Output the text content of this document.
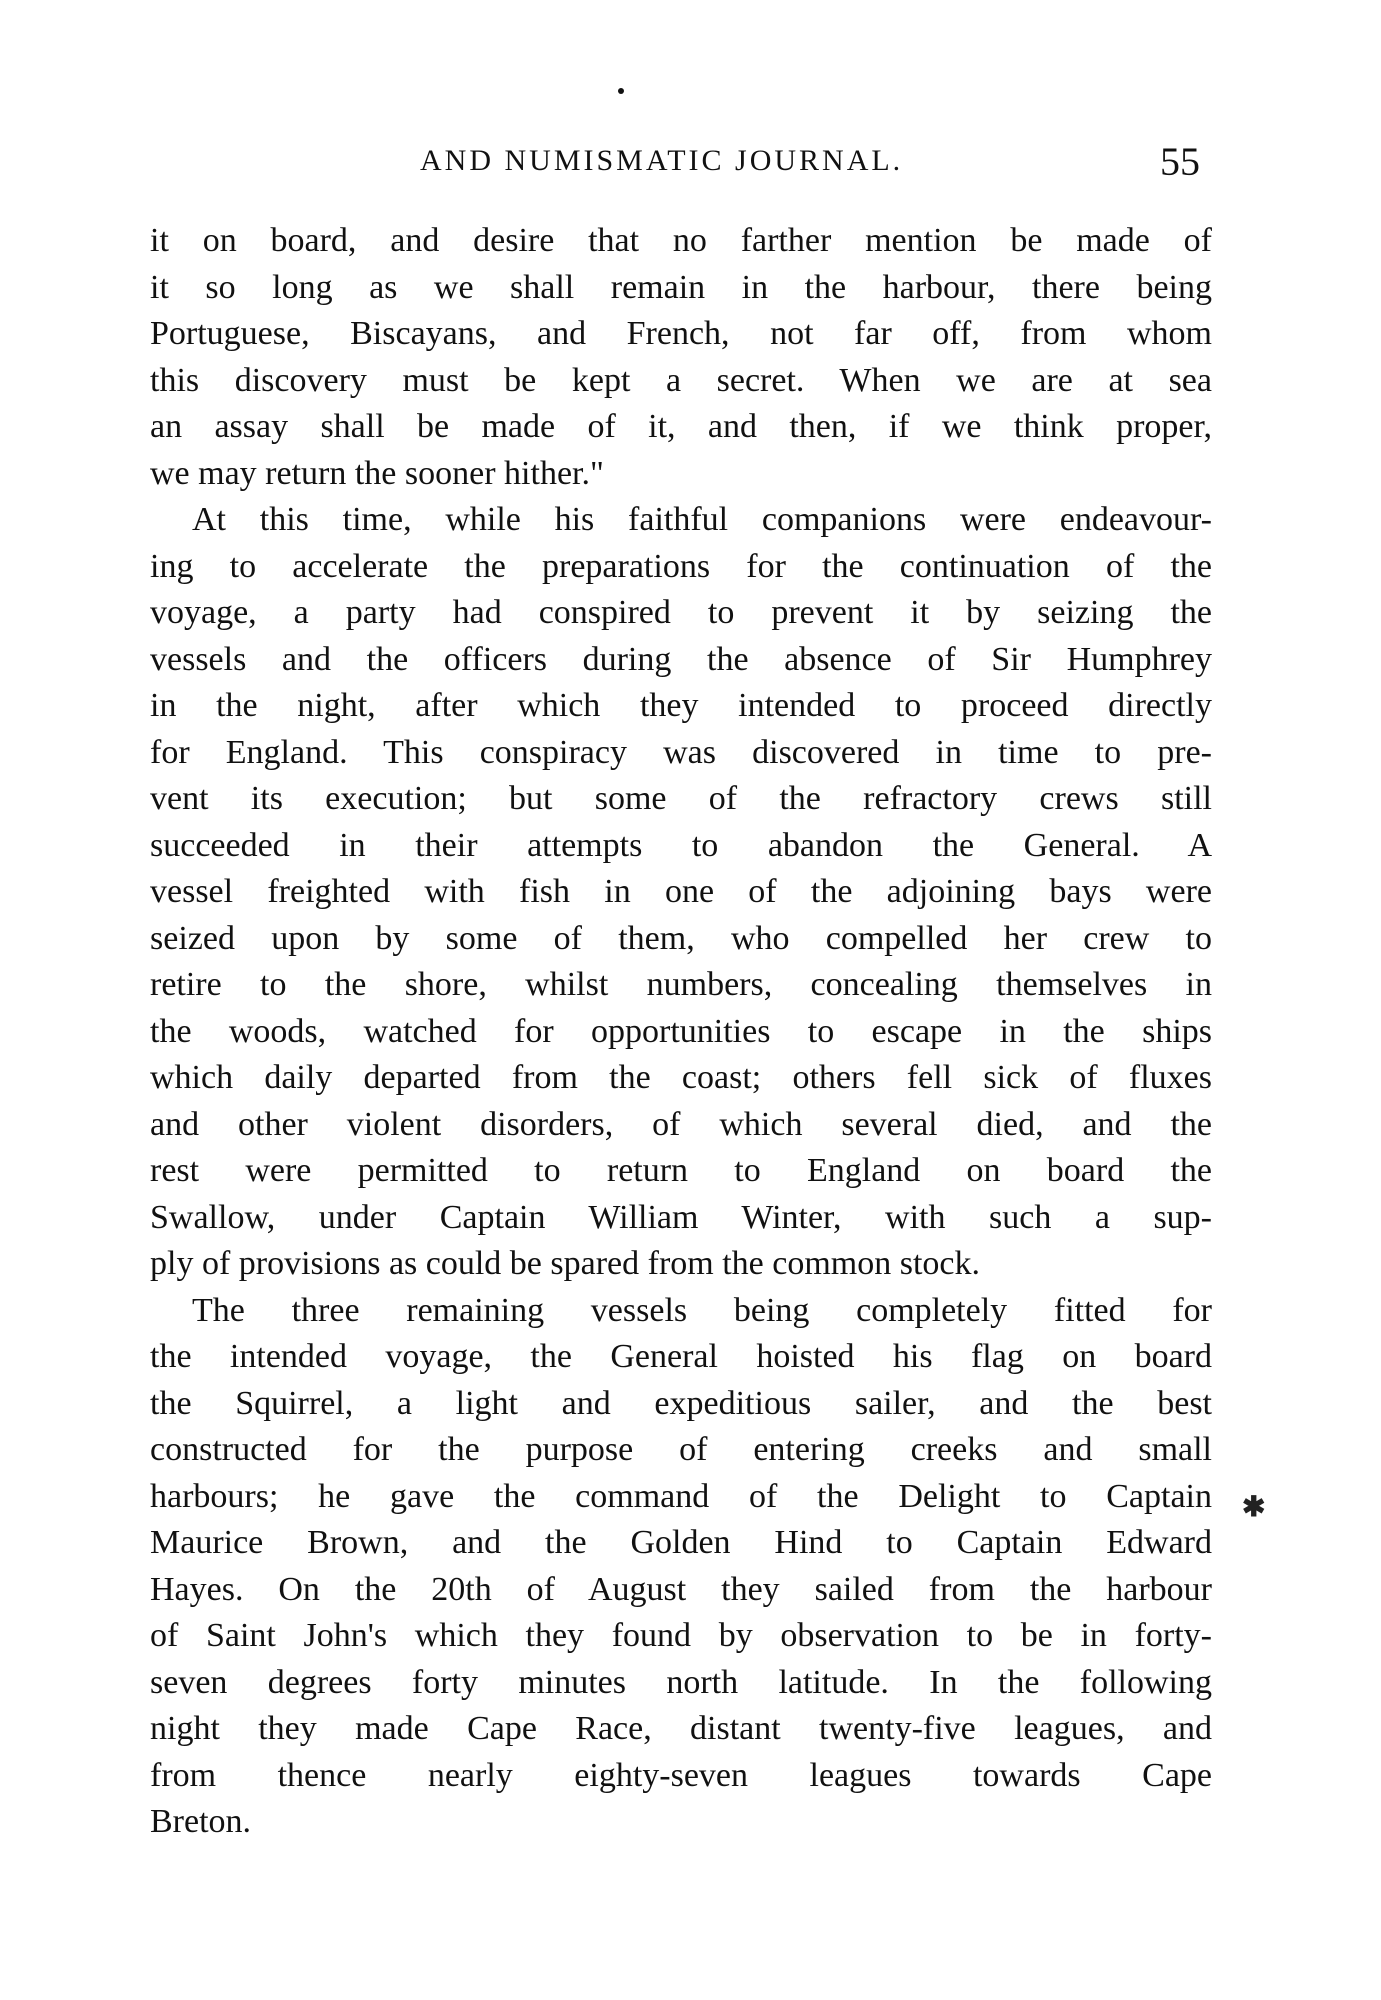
AND NUMISMATIC JOURNAL.	55
it on board, and desire that no farther mention be made of
it so long as we shall remain in the harbour, there being
Portuguese, Biscayans, and French, not far off, from whom
this discovery must be kept a secret. When we are at sea
an assay shall be made of it, and then, if we think proper,
we may return the sooner hither."
At this time, while his faithful companions were endeavour-
ing to accelerate the preparations for the continuation of the
voyage, a party had conspired to prevent it by seizing the
vessels and the officers during the absence of Sir Humphrey
in the night, after which they intended to proceed directly
for England. This conspiracy was discovered in time to pre-
vent its execution; but some of the refractory crews still
succeeded in their attempts to abandon the General. A
vessel freighted with fish in one of the adjoining bays were
seized upon by some of them, who compelled her crew to
retire to the shore, whilst numbers, concealing themselves in
the woods, watched for opportunities to escape in the ships
which daily departed from the coast; others fell sick of fluxes
and other violent disorders, of which several died, and the
rest were permitted to return to England on board the
Swallow, under Captain William Winter, with such a sup-
ply of provisions as could be spared from the common stock.
The three remaining vessels being completely fitted for
the intended voyage, the General hoisted his flag on board
the Squirrel, a light and expeditious sailer, and the best
constructed for the purpose of entering creeks and small
harbours; he gave the command of the Delight to Captain
Maurice Brown, and the Golden Hind to Captain Edward
Hayes. On the 20th of August they sailed from the harbour
of Saint John's which they found by observation to be in forty-
seven degrees forty minutes north latitude. In the following
night they made Cape Race, distant twenty-five leagues, and
from thence nearly eighty-seven leagues towards Cape
Breton.
✱
